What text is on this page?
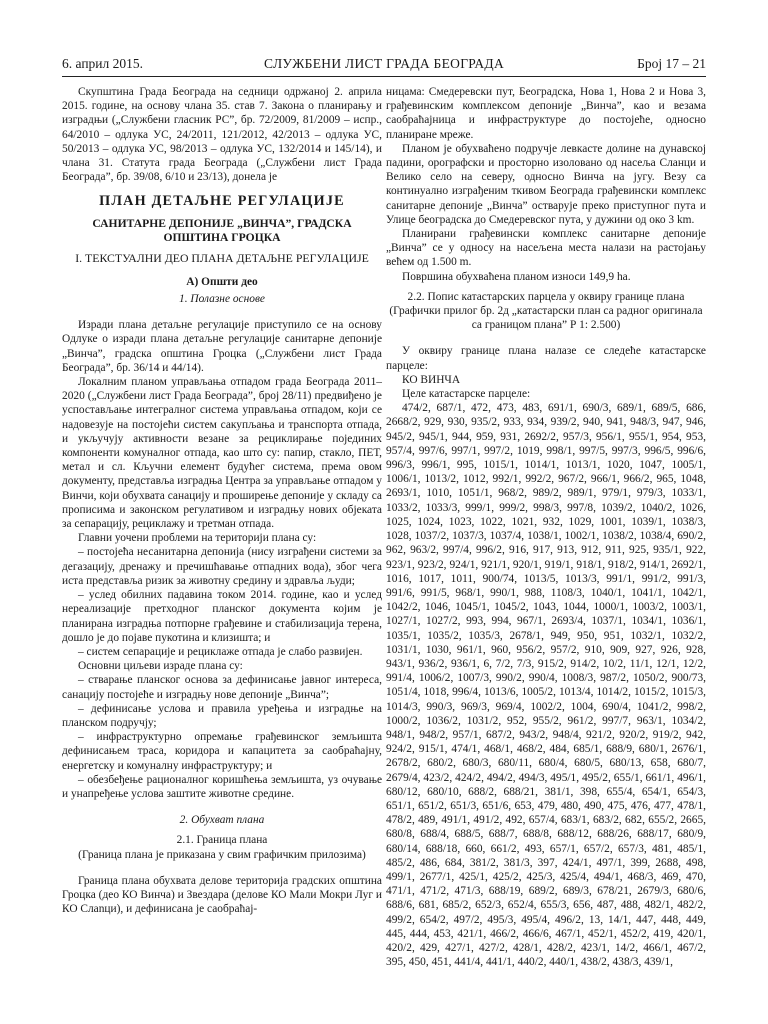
6. април 2015.	СЛУЖБЕНИ ЛИСТ ГРАДА БЕОГРАДА	Број 17 – 21

Скупштина Града Београда на седници одржаној 2. априла 2015. године, на основу члана 35. став 7. Закона о планирању и изградњи („Службени гласник РС”, бр. 72/2009, 81/2009 – испр., 64/2010 – одлука УС, 24/2011, 121/2012, 42/2013 – одлука УС, 50/2013 – одлука УС, 98/2013 – одлука УС, 132/2014 и 145/14), и члана 31. Статута града Београда („Службени лист Града Београда”, бр. 39/08, 6/10 и 23/13), донела је

ПЛАН ДЕТАЉНЕ РЕГУЛАЦИЈЕ
САНИТАРНЕ ДЕПОНИЈЕ „ВИНЧА”, ГРАДСКА ОПШТИНА ГРОЦКА
I. ТЕКСТУАЛНИ ДЕО ПЛАНА ДЕТАЉНЕ РЕГУЛАЦИЈЕ
А) Општи део

1. Полазне основе

Изради плана детаљне регулације приступило се на основу Одлуке о изради плана детаљне регулације санитарне депоније „Винча”, градска општина Гроцка („Службени лист Града Београда”, бр. 36/14 и 44/14).

Локалним планом управљања отпадом града Београда 2011–2020 („Службени лист Града Београда”, број 28/11) предвиђено је успостављање интегралног система управљања отпадом, који се надовезује на постојећи систем сакупљања и транспорта отпада, и укључују активности везане за рециклирање појединих компоненти комуналног отпада, као што су: папир, стакло, ПЕТ, метал и сл. Кључни елемент будућег система, према овом документу, представља изградња Центра за управљање отпадом у Винчи, који обухвата санацију и проширење депоније у складу са прописима и законском регулативом и изградњу нових објеката за сепарацију, рециклажу и третман отпада.

Главни уочени проблеми на територији плана су:

– постојећа несанитарна депонија (нису изграђени системи за дегазацију, дренажу и пречишћавање отпадних вода), због чега иста представља ризик за животну средину и здравља људи;

– услед обилних падавина током 2014. године, као и услед нереализације претходног планског документа којим је планирана изградња потпорне грађевине и стабилизација терена, дошло је до појаве пукотина и клизишта; и

– систем сепарације и рециклаже отпада је слабо развијен.

Основни циљеви израде плана су:

– стварање планског основа за дефинисање јавног интереса, санацију постојеће и изградњу нове депоније „Винча”;

– дефинисање услова и правила уређења и изградње на планском подручју;

– инфраструктурно опремање грађевинског земљишта дефинисањем траса, коридора и капацитета за саобраћајну, енергетску и комуналну инфраструктуру; и

– обезбеђење рационалног коришћења земљишта, уз очување и унапређење услова заштите животне средине.

2. Обухват плана

2.1. Граница плана

(Граница плана је приказана у свим графичким прилозима)

Граница плана обухвата делове територија градских општина Гроцка (део КО Винча) и Звездара (делове КО Мали Мокри Луг и КО Слanци), и дефинисана је саобраћај-

ницама: Смедеревски пут, Београдска, Нова 1, Нова 2 и Нова 3, грађевинским комплексом депоније „Винча”, као и везама саобраћајница и инфраструктуре до постојеће, односно планиране мреже.

Планом је обухваћено подручје левкасте долине на дунавској падини, орографски и просторно изоловано од насеља Сланци и Велико село на северу, односно Винча на југу. Везу са континуално изграђеним ткивом Београда грађевински комплекс санитарне депоније „Винча” остварује преко приступног пута и Улице београдска до Смедеревског пута, у дужини од око 3 km.

Планирани грађевински комплекс санитарне депоније „Винча” се у односу на насељена места налази на растојању већем од 1.500 m.

Површина обухваћена планом износи 149,9 ha.

2.2. Попис катастарских парцела у оквиру границе плана (Графички прилог бр. 2д „катастарски план са радног оригинала са границом плана” Р 1: 2.500)

У оквиру границе плана налазе се следеће катастарске парцеле:

КО ВИНЧА

Целе катастарске парцеле:

474/2, 687/1, 472, 473, 483, 691/1, 690/3, 689/1, 689/5, 686, 2668/2, 929, 930, 935/2, 933, 934, 939/2, 940, 941, 948/3, 947, 946, 945/2, 945/1, 944, 959, 931, 2692/2, 957/3, 956/1, 955/1, 954, 953, 957/4, 997/6, 997/1, 997/2, 1019, 998/1, 997/5, 997/3, 996/5, 996/6, 996/3, 996/1, 995, 1015/1, 1014/1, 1013/1, 1020, 1047, 1005/1, 1006/1, 1013/2, 1012, 992/1, 992/2, 967/2, 966/1, 966/2, 965, 1048, 2693/1, 1010, 1051/1, 968/2, 989/2, 989/1, 979/1, 979/3, 1033/1, 1033/2, 1033/3, 999/1, 999/2, 998/3, 997/8, 1039/2, 1040/2, 1026, 1025, 1024, 1023, 1022, 1021, 932, 1029, 1001, 1039/1, 1038/3, 1028, 1037/2, 1037/3, 1037/4, 1038/1, 1002/1, 1038/2, 1038/4, 690/2, 962, 963/2, 997/4, 996/2, 916, 917, 913, 912, 911, 925, 935/1, 922, 923/1, 923/2, 924/1, 921/1, 920/1, 919/1, 918/1, 918/2, 914/1, 2692/1, 1016, 1017, 1011, 900/74, 1013/5, 1013/3, 991/1, 991/2, 991/3, 991/6, 991/5, 968/1, 990/1, 988, 1108/3, 1040/1, 1041/1, 1042/1, 1042/2, 1046, 1045/1, 1045/2, 1043, 1044, 1000/1, 1003/2, 1003/1, 1027/1, 1027/2, 993, 994, 967/1, 2693/4, 1037/1, 1034/1, 1036/1, 1035/1, 1035/2, 1035/3, 2678/1, 949, 950, 951, 1032/1, 1032/2, 1031/1, 1030, 961/1, 960, 956/2, 957/2, 910, 909, 927, 926, 928, 943/1, 936/2, 936/1, 6, 7/2, 7/3, 915/2, 914/2, 10/2, 11/1, 12/1, 12/2, 991/4, 1006/2, 1007/3, 990/2, 990/4, 1008/3, 987/2, 1050/2, 900/73, 1051/4, 1018, 996/4, 1013/6, 1005/2, 1013/4, 1014/2, 1015/2, 1015/3, 1014/3, 990/3, 969/3, 969/4, 1002/2, 1004, 690/4, 1041/2, 998/2, 1000/2, 1036/2, 1031/2, 952, 955/2, 961/2, 997/7, 963/1, 1034/2, 948/1, 948/2, 957/1, 687/2, 943/2, 948/4, 921/2, 920/2, 919/2, 942, 924/2, 915/1, 474/1, 468/1, 468/2, 484, 685/1, 688/9, 680/1, 2676/1, 2678/2, 680/2, 680/3, 680/11, 680/4, 680/5, 680/13, 658, 680/7, 2679/4, 423/2, 424/2, 494/2, 494/3, 495/1, 495/2, 655/1, 661/1, 496/1, 680/12, 680/10, 688/2, 688/21, 381/1, 398, 655/4, 654/1, 654/3, 651/1, 651/2, 651/3, 651/6, 653, 479, 480, 490, 475, 476, 477, 478/1, 478/2, 489, 491/1, 491/2, 492, 657/4, 683/1, 683/2, 682, 655/2, 2665, 680/8, 688/4, 688/5, 688/7, 688/8, 688/12, 688/26, 688/17, 680/9, 680/14, 688/18, 660, 661/2, 493, 657/1, 657/2, 657/3, 481, 485/1, 485/2, 486, 684, 381/2, 381/3, 397, 424/1, 497/1, 399, 2688, 498, 499/1, 2677/1, 425/1, 425/2, 425/3, 425/4, 494/1, 468/3, 469, 470, 471/1, 471/2, 471/3, 688/19, 689/2, 689/3, 678/21, 2679/3, 680/6, 688/6, 681, 685/2, 652/3, 652/4, 655/3, 656, 487, 488, 482/1, 482/2, 499/2, 654/2, 497/2, 495/3, 495/4, 496/2, 13, 14/1, 447, 448, 449, 445, 444, 453, 421/1, 466/2, 466/6, 467/1, 452/1, 452/2, 419, 420/1, 420/2, 429, 427/1, 427/2, 428/1, 428/2, 423/1, 14/2, 466/1, 467/2, 395, 450, 451, 441/4, 441/1, 440/2, 440/1, 438/2, 438/3, 439/1,
